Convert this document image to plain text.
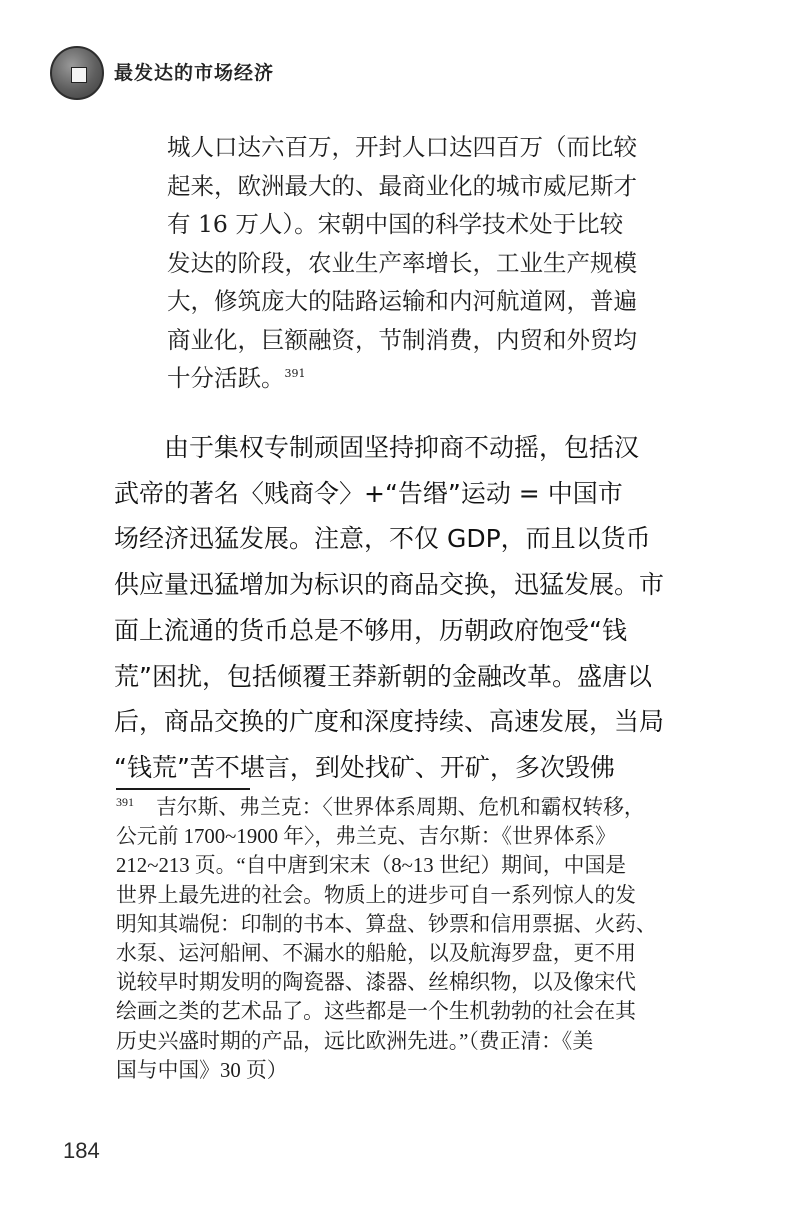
最发达的市场经济
城人口达六百万，开封人口达四百万（而比较
起来，欧洲最大的、最商业化的城市威尼斯才
有 16 万人）。宋朝中国的科学技术处于比较
发达的阶段，农业生产率增长，工业生产规模
大，修筑庞大的陆路运输和内河航道网，普遍
商业化，巨额融资，节制消费，内贸和外贸均
十分活跃。$^{391}$
由于集权专制顽固坚持抑商不动摇，包括汉
武帝的著名〈贱商令〉+“告缗”运动 = 中国市
场经济迅猛发展。注意，不仅 GDP，而且以货币
供应量迅猛增加为标识的商品交换，迅猛发展。市
面上流通的货币总是不够用，历朝政府饱受“钱
荒”困扰，包括倾覆王莽新朝的金融改革。盛唐以
后，商品交换的广度和深度持续、高速发展，当局
“钱荒”苦不堪言，到处找矿、开矿，多次毁佛
$^{391}$ 吉尔斯、弗兰克：〈世界体系周期、危机和霸权转移，
公元前 1700~1900 年〉，弗兰克、吉尔斯：《世界体系》
212~213 页。“自中唐到宋末（8~13 世纪）期间，中国是
世界上最先进的社会。物质上的进步可自一系列惊人的发
明知其端倪：印制的书本、算盘、钞票和信用票据、火药、
水泵、运河船闸、不漏水的船舱，以及航海罗盘，更不用
说较早时期发明的陶瓷器、漆器、丝棉织物，以及像宋代
绘画之类的艺术品了。这些都是一个生机勃勃的社会在其
历史兴盛时期的产品，远比欧洲先进。”（费正清：《美
国与中国》30 页）

184
